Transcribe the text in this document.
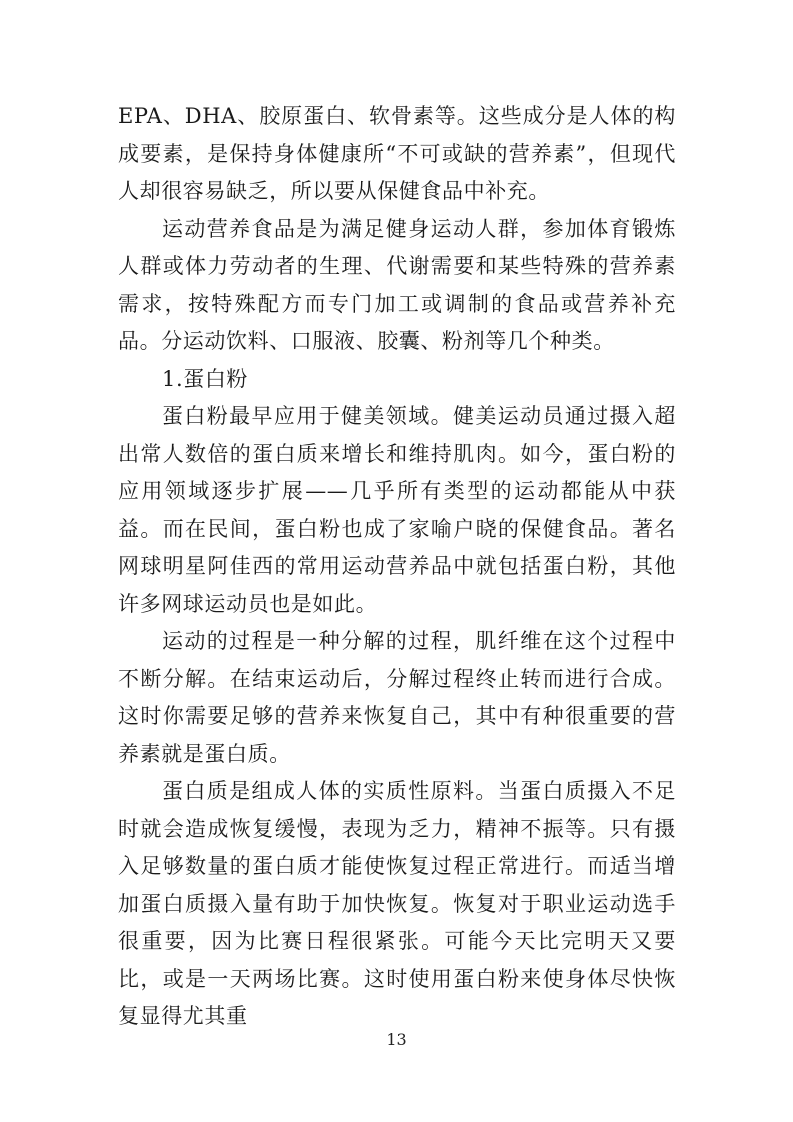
EPA、DHA、胶原蛋白、软骨素等。这些成分是人体的构成要素，是保持身体健康所“不可或缺的营养素”，但现代人却很容易缺乏，所以要从保健食品中补充。

运动营养食品是为满足健身运动人群，参加体育锻炼人群或体力劳动者的生理、代谢需要和某些特殊的营养素需求，按特殊配方而专门加工或调制的食品或营养补充品。分运动饮料、口服液、胶囊、粉剂等几个种类。

1.蛋白粉

蛋白粉最早应用于健美领域。健美运动员通过摄入超出常人数倍的蛋白质来增长和维持肌肉。如今，蛋白粉的应用领域逐步扩展——几乎所有类型的运动都能从中获益。而在民间，蛋白粉也成了家喻户晓的保健食品。著名网球明星阿佳西的常用运动营养品中就包括蛋白粉，其他许多网球运动员也是如此。

运动的过程是一种分解的过程，肌纤维在这个过程中不断分解。在结束运动后，分解过程终止转而进行合成。这时你需要足够的营养来恢复自己，其中有种很重要的营养素就是蛋白质。

蛋白质是组成人体的实质性原料。当蛋白质摄入不足时就会造成恢复缓慢，表现为乏力，精神不振等。只有摄入足够数量的蛋白质才能使恢复过程正常进行。而适当增加蛋白质摄入量有助于加快恢复。恢复对于职业运动选手很重要，因为比赛日程很紧张。可能今天比完明天又要比，或是一天两场比赛。这时使用蛋白粉来使身体尽快恢复显得尤其重

13
